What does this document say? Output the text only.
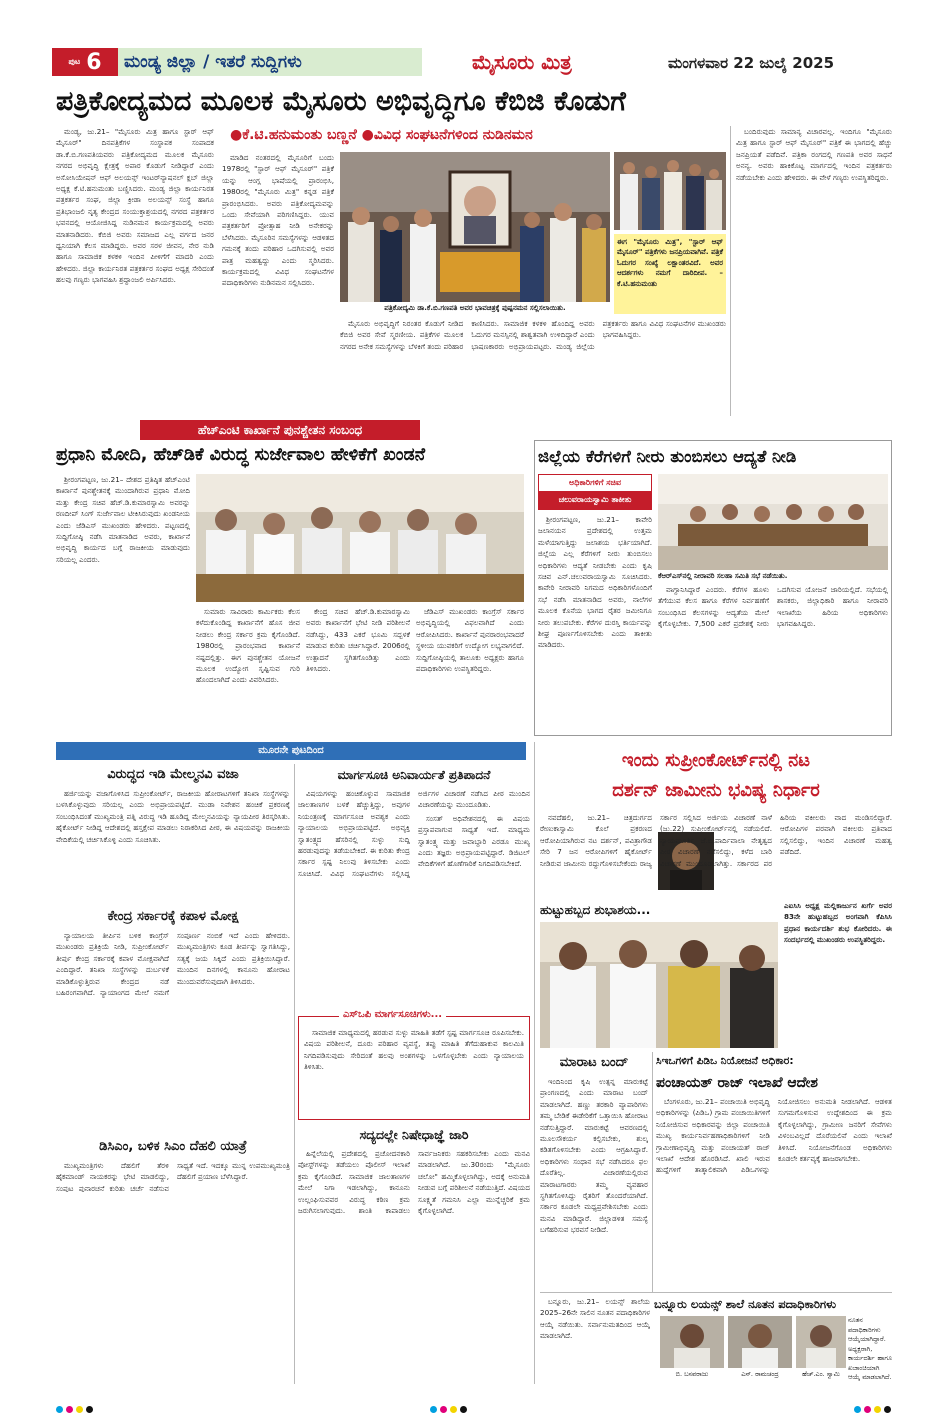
ಪುಟ 6 ಮಂಡ್ಯ ಜಿಲ್ಲಾ / ಇತರೆ ಸುದ್ದಿಗಳು	ಮೈಸೂರು ಮಿತ್ರ	ಮಂಗಳವಾರ 22 ಜುಲೈ 2025
ಪತ್ರಿಕೋದ್ಯಮದ ಮೂಲಕ ಮೈಸೂರು ಅಭಿವೃದ್ಧಿಗೂ ಕೆಬಿಜಿ ಕೊಡುಗೆ
●ಕೆ.ಟಿ.ಹನುಮಂತು ಬಣ್ಣನೆ ●ವಿವಿಧ ಸಂಘಟನೆಗಳಿಂದ ನುಡಿನಮನ

ಮಂಡ್ಯ, ಜು.21– "ಮೈಸೂರು ಮಿತ್ರ ಹಾಗೂ ಸ್ಟಾರ್ ಆಫ್ ಮೈಸೂರ್" ದಿನಪತ್ರಿಕೆಗಳ ಸಂಸ್ಥಾಪಕ ಸಂಪಾದಕ ಡಾ.ಕೆ.ಬಿ.ಗಣಪತಿಯವರು ಪತ್ರಿಕೋದ್ಯಮದ ಮೂಲಕ ಮೈಸೂರು ನಗರದ ಅಭಿವೃದ್ಧಿ ಕ್ಷೇತ್ರಕ್ಕೆ ಅಪಾರ ಕೊಡುಗೆ ನೀಡಿದ್ದಾರೆ ಎಂದು ಅಸೋಸಿಯೇಷನ್ ಆಫ್ ಅಲಯನ್ಸ್ ಇಂಟರ್‌ನ್ಯಾಷನಲ್ ಕ್ಲಬ್ ಜಿಲ್ಲಾ ಅಧ್ಯಕ್ಷ ಕೆ.ಟಿ.ಹನುಮಂತು ಬಣ್ಣಿಸಿದರು. ಮಂಡ್ಯ ಜಿಲ್ಲಾ ಕಾರ್ಯನಿರತ ಪತ್ರಕರ್ತರ ಸಂಘ, ಜಿಲ್ಲಾ ಕ್ರೀಡಾ ಅಲಯನ್ಸ್ ಸಂಸ್ಥೆ ಹಾಗೂ ಪ್ರತಿಭಾಂಜಲಿ ನೃತ್ಯ ಕೇಂದ್ರದ ಸಂಯುಕ್ತಾಶ್ರಯದಲ್ಲಿ ನಗರದ ಪತ್ರಕರ್ತರ ಭವನದಲ್ಲಿ ಆಯೋಜಿಸಿದ್ದ ನುಡಿನಮನ ಕಾರ್ಯಕ್ರಮದಲ್ಲಿ ಅವರು ಮಾತನಾಡಿದರು. ಕೆಬಿಜಿ ಅವರು ಸಮಾಜದ ಎಲ್ಲ ವರ್ಗದ ಜನರ ಧ್ವನಿಯಾಗಿ ಕೆಲಸ ಮಾಡಿದ್ದರು. ಅವರ ಸರಳ ಜೀವನ, ನೇರ ನುಡಿ ಹಾಗೂ ಸಾಮಾಜಿಕ ಕಳಕಳಿ ಇಂದಿನ ಪೀಳಿಗೆಗೆ ಮಾದರಿ ಎಂದು ಹೇಳಿದರು. ಜಿಲ್ಲಾ ಕಾರ್ಯನಿರತ ಪತ್ರಕರ್ತರ ಸಂಘದ ಅಧ್ಯಕ್ಷ ಸೇರಿದಂತೆ ಹಲವು ಗಣ್ಯರು ಭಾಗವಹಿಸಿ ಶ್ರದ್ಧಾಂಜಲಿ ಅರ್ಪಿಸಿದರು.

ಮಾಡಿದ ನಂತರದಲ್ಲಿ ಮೈಸೂರಿಗೆ ಬಂದು 1978ರಲ್ಲಿ "ಸ್ಟಾರ್ ಆಫ್ ಮೈಸೂರ್" ಪತ್ರಿಕೆ ಯನ್ನು ಆಂಗ್ಲ ಭಾಷೆಯಲ್ಲಿ ಪ್ರಾರಂಭಿಸಿ, 1980ರಲ್ಲಿ "ಮೈಸೂರು ಮಿತ್ರ" ಕನ್ನಡ ಪತ್ರಿಕೆ ಪ್ರಾರಂಭಿಸಿದರು. ಅವರು ಪತ್ರಿಕೋದ್ಯಮವನ್ನು ಒಂದು ಸೇವೆಯಾಗಿ ಪರಿಗಣಿಸಿದ್ದರು. ಯುವ ಪತ್ರಕರ್ತರಿಗೆ ಪ್ರೋತ್ಸಾಹ ನೀಡಿ ಅನೇಕರನ್ನು ಬೆಳೆಸಿದರು. ಮೈಸೂರಿನ ಸಮಸ್ಯೆಗಳನ್ನು ಆಡಳಿತದ ಗಮನಕ್ಕೆ ತಂದು ಪರಿಹಾರ ಒದಗಿಸುವಲ್ಲಿ ಅವರ ಪಾತ್ರ ಮಹತ್ವದ್ದು ಎಂದು ಸ್ಮರಿಸಿದರು. ಕಾರ್ಯಕ್ರಮದಲ್ಲಿ ವಿವಿಧ ಸಂಘಟನೆಗಳ ಪದಾಧಿಕಾರಿಗಳು ನುಡಿನಮನ ಸಲ್ಲಿಸಿದರು.

ಪತ್ರಿಕೋದ್ಯಮಿ ಡಾ.ಕೆ.ಬಿ.ಗಣಪತಿ ಅವರ ಭಾವಚಿತ್ರಕ್ಕೆ ಪುಷ್ಪನಮನ ಸಲ್ಲಿಸಲಾಯಿತು.
ಈಗ "ಮೈಸೂರು ಮಿತ್ರ", "ಸ್ಟಾರ್ ಆಫ್ ಮೈಸೂರ್" ಪತ್ರಿಕೆಗಳು ಜನಪ್ರಿಯವಾಗಿವೆ. ಪತ್ರಿಕೆ ಓದುಗರ ಸಂಖ್ಯೆ ಲಕ್ಷಾಂತರವಿದೆ. ಅವರ ಆದರ್ಶಗಳು ನಮಗೆ ದಾರಿದೀಪ. –ಕೆ.ಟಿ.ಹನುಮಂತು

ಬಂದಿರುವುದು ಸಾಮಾನ್ಯ ವಿಚಾರವಲ್ಲ. ಇಂದಿಗೂ "ಮೈಸೂರು ಮಿತ್ರ ಹಾಗೂ ಸ್ಟಾರ್ ಆಫ್ ಮೈಸೂರ್" ಪತ್ರಿಕೆ ಈ ಭಾಗದಲ್ಲಿ ಹೆಚ್ಚು ಜನಪ್ರಿಯತೆ ಪಡೆದಿವೆ. ಪತ್ರಿಕಾ ರಂಗದಲ್ಲಿ ಗಣಪತಿ ಅವರ ಸಾಧನೆ ಅನನ್ಯ. ಅವರು ಹಾಕಿಕೊಟ್ಟ ಮಾರ್ಗದಲ್ಲಿ ಇಂದಿನ ಪತ್ರಕರ್ತರು ನಡೆಯಬೇಕು ಎಂದು ಹೇಳಿದರು. ಈ ವೇಳೆ ಗಣ್ಯರು ಉಪಸ್ಥಿತರಿದ್ದರು.

ಮೈಸೂರು ಅಭಿವೃದ್ಧಿಗೆ ನಿರಂತರ ಕೊಡುಗೆ ನೀಡಿದ ಕೆಬಿಜಿ ಅವರ ಸೇವೆ ಸ್ಮರಣೀಯ. ಪತ್ರಿಕೆಗಳ ಮೂಲಕ ನಗರದ ಅನೇಕ ಸಮಸ್ಯೆಗಳನ್ನು ಬೆಳಕಿಗೆ ತಂದು ಪರಿಹಾರ ಕಾಣಿಸಿದರು. ಸಾಮಾಜಿಕ ಕಳಕಳಿ ಹೊಂದಿದ್ದ ಅವರು ಓದುಗರ ಮನಸ್ಸಿನಲ್ಲಿ ಶಾಶ್ವತವಾಗಿ ಉಳಿದಿದ್ದಾರೆ ಎಂದು ಭಾಷಣಕಾರರು ಅಭಿಪ್ರಾಯಪಟ್ಟರು. ಮಂಡ್ಯ ಜಿಲ್ಲೆಯ ಪತ್ರಕರ್ತರು ಹಾಗೂ ವಿವಿಧ ಸಂಘಟನೆಗಳ ಮುಖಂಡರು ಭಾಗವಹಿಸಿದ್ದರು.

ಹೆಚ್‌ಎಂಟಿ ಕಾರ್ಖಾನೆ ಪುನಶ್ಚೇತನ ಸಂಬಂಧ
ಪ್ರಧಾನಿ ಮೋದಿ, ಹೆಚ್‌ಡಿಕೆ ವಿರುದ್ಧ ಸುರ್ಜೇವಾಲ ಹೇಳಿಕೆಗೆ ಖಂಡನೆ

ಶ್ರೀರಂಗಪಟ್ಟಣ, ಜು.21– ದೇಶದ ಪ್ರತಿಷ್ಠಿತ ಹೆಚ್‌ಎಂಟಿ ಕಾರ್ಖಾನೆ ಪುನಶ್ಚೇತನಕ್ಕೆ ಮುಂದಾಗಿರುವ ಪ್ರಧಾನಿ ಮೋದಿ ಮತ್ತು ಕೇಂದ್ರ ಸಚಿವ ಹೆಚ್.ಡಿ.ಕುಮಾರಸ್ವಾಮಿ ಅವರನ್ನು ರಣದೀಪ್ ಸಿಂಗ್ ಸುರ್ಜೇವಾಲ ಟೀಕಿಸಿರುವುದು ಖಂಡನೀಯ ಎಂದು ಜೆಡಿಎಸ್ ಮುಖಂಡರು ಹೇಳಿದರು. ಪಟ್ಟಣದಲ್ಲಿ ಸುದ್ದಿಗೋಷ್ಠಿ ನಡೆಸಿ ಮಾತನಾಡಿದ ಅವರು, ಕಾರ್ಖಾನೆ ಅಭಿವೃದ್ಧಿ ಕಾರ್ಯದ ಬಗ್ಗೆ ರಾಜಕೀಯ ಮಾಡುವುದು ಸರಿಯಲ್ಲ ಎಂದರು.

ಸುಮಾರು ಸಾವಿರಾರು ಕಾರ್ಮಿಕರು ಕೆಲಸ ಕಳೆದುಕೊಂಡಿದ್ದ ಕಾರ್ಖಾನೆಗೆ ಹೊಸ ಜೀವ ನೀಡಲು ಕೇಂದ್ರ ಸರ್ಕಾರ ಕ್ರಮ ಕೈಗೊಂಡಿದೆ. 1980ರಲ್ಲಿ ಪ್ರಾರಂಭವಾದ ಕಾರ್ಖಾನೆ ನಷ್ಟದಲ್ಲಿತ್ತು. ಈಗ ಪುನಶ್ಚೇತನ ಯೋಜನೆ ಮೂಲಕ ಉದ್ಯೋಗ ಸೃಷ್ಟಿಸುವ ಗುರಿ ಹೊಂದಲಾಗಿದೆ ಎಂದು ವಿವರಿಸಿದರು.

ಕೇಂದ್ರ ಸಚಿವ ಹೆಚ್.ಡಿ.ಕುಮಾರಸ್ವಾಮಿ ಅವರು ಕಾರ್ಖಾನೆಗೆ ಭೇಟಿ ನೀಡಿ ಪರಿಶೀಲನೆ ನಡೆಸಿದ್ದು, 433 ಎಕರೆ ಭೂಮಿ ಸದ್ಬಳಕೆ ಮಾಡುವ ಕುರಿತು ಚರ್ಚಿಸಿದ್ದಾರೆ. 2006ರಲ್ಲಿ ಉತ್ಪಾದನೆ ಸ್ಥಗಿತಗೊಂಡಿತ್ತು ಎಂದು ತಿಳಿಸಿದರು.

ಜೆಡಿಎಸ್ ಮುಖಂಡರು ಕಾಂಗ್ರೆಸ್ ಸರ್ಕಾರ ಅಭಿವೃದ್ಧಿಯಲ್ಲಿ ವಿಫಲವಾಗಿದೆ ಎಂದು ಆರೋಪಿಸಿದರು. ಕಾರ್ಖಾನೆ ಪುನರಾರಂಭವಾದರೆ ಸ್ಥಳೀಯ ಯುವಕರಿಗೆ ಉದ್ಯೋಗ ಲಭ್ಯವಾಗಲಿದೆ. ಸುದ್ದಿಗೋಷ್ಠಿಯಲ್ಲಿ ತಾಲೂಕು ಅಧ್ಯಕ್ಷರು ಹಾಗೂ ಪದಾಧಿಕಾರಿಗಳು ಉಪಸ್ಥಿತರಿದ್ದರು.

ಜಿಲ್ಲೆಯ ಕೆರೆಗಳಿಗೆ ನೀರು ತುಂಬಿಸಲು ಆದ್ಯತೆ ನೀಡಿ
ಅಧಿಕಾರಿಗಳಿಗೆ ಸಚಿವ
ಚಲುವರಾಯಸ್ವಾಮಿ ತಾಕೀತು

ಶ್ರೀರಂಗಪಟ್ಟಣ, ಜು.21– ಕಾವೇರಿ ಜಲಾನಯನ ಪ್ರದೇಶದಲ್ಲಿ ಉತ್ತಮ ಮಳೆಯಾಗುತ್ತಿದ್ದು ಜಲಾಶಯ ಭರ್ತಿಯಾಗಿದೆ. ಜಿಲ್ಲೆಯ ಎಲ್ಲ ಕೆರೆಗಳಿಗೆ ನೀರು ತುಂಬಿಸಲು ಅಧಿಕಾರಿಗಳು ಆದ್ಯತೆ ನೀಡಬೇಕು ಎಂದು ಕೃಷಿ ಸಚಿವ ಎನ್.ಚಲುವರಾಯಸ್ವಾಮಿ ಸೂಚಿಸಿದರು. ಕಾವೇರಿ ನೀರಾವರಿ ನಿಗಮದ ಅಧಿಕಾರಿಗಳೊಂದಿಗೆ ಸಭೆ ನಡೆಸಿ ಮಾತನಾಡಿದ ಅವರು, ನಾಲೆಗಳ ಮೂಲಕ ಕೊನೆಯ ಭಾಗದ ರೈತರ ಜಮೀನಿಗೂ ನೀರು ತಲುಪಬೇಕು. ಕೆರೆಗಳ ದುರಸ್ತಿ ಕಾರ್ಯವನ್ನು ಶೀಘ್ರ ಪೂರ್ಣಗೊಳಿಸಬೇಕು ಎಂದು ತಾಕೀತು ಮಾಡಿದರು.

ಕೆಆರ್‌ಎಸ್‌ನಲ್ಲಿ ನೀರಾವರಿ ಸಲಹಾ ಸಮಿತಿ ಸಭೆ ನಡೆಯಿತು.

ವಾಗ್ದಾನಿಸಿದ್ದಾರೆ ಎಂದರು. ಕೆರೆಗಳ ಹೂಳು ತೆಗೆಯುವ ಕೆಲಸ ಹಾಗೂ ಕೆರೆಗಳ ನಿರ್ವಹಣೆಗೆ ಸಂಬಂಧಿಸಿದ ಕೆಲಸಗಳನ್ನು ಆದ್ಯತೆಯ ಮೇಲೆ ಕೈಗೊಳ್ಳಬೇಕು. 7,500 ಎಕರೆ ಪ್ರದೇಶಕ್ಕೆ ನೀರು ಒದಗಿಸುವ ಯೋಜನೆ ಜಾರಿಯಲ್ಲಿದೆ. ಸಭೆಯಲ್ಲಿ ಶಾಸಕರು, ಜಿಲ್ಲಾಧಿಕಾರಿ ಹಾಗೂ ನೀರಾವರಿ ಇಲಾಖೆಯ ಹಿರಿಯ ಅಧಿಕಾರಿಗಳು ಭಾಗವಹಿಸಿದ್ದರು.

ಮೂರನೇ ಪುಟದಿಂದ
ವಿರುದ್ಧದ ಇಡಿ ಮೇಲ್ಮನವಿ ವಜಾ

ಹರ್ಜಿಯನ್ನು ವಜಾಗೊಳಿಸಿದ ಸುಪ್ರೀಂಕೋರ್ಟ್, ರಾಜಕೀಯ ಹೋರಾಟಗಳಿಗೆ ತನಿಖಾ ಸಂಸ್ಥೆಗಳನ್ನು ಬಳಸಿಕೊಳ್ಳುವುದು ಸರಿಯಲ್ಲ ಎಂದು ಅಭಿಪ್ರಾಯಪಟ್ಟಿದೆ. ಮುಡಾ ನಿವೇಶನ ಹಂಚಿಕೆ ಪ್ರಕರಣಕ್ಕೆ ಸಂಬಂಧಿಸಿದಂತೆ ಮುಖ್ಯಮಂತ್ರಿ ಪತ್ನಿ ವಿರುದ್ಧ ಇಡಿ ಹೂಡಿದ್ದ ಮೇಲ್ಮನವಿಯನ್ನು ನ್ಯಾಯಪೀಠ ತಿರಸ್ಕರಿಸಿತು. ಹೈಕೋರ್ಟ್ ನೀಡಿದ್ದ ಆದೇಶದಲ್ಲಿ ಹಸ್ತಕ್ಷೇಪ ಮಾಡಲು ನಿರಾಕರಿಸಿದ ಪೀಠ, ಈ ವಿಷಯವನ್ನು ರಾಜಕೀಯ ವೇದಿಕೆಯಲ್ಲಿ ಚರ್ಚಿಸಿಕೊಳ್ಳಿ ಎಂದು ಸೂಚಿಸಿತು.

ಕೇಂದ್ರ ಸರ್ಕಾರಕ್ಕೆ ಕಪಾಳ ಮೋಕ್ಷ

ನ್ಯಾಯಾಲಯ ತೀರ್ಪಿನ ಬಳಿಕ ಕಾಂಗ್ರೆಸ್ ಮುಖಂಡರು ಪ್ರತಿಕ್ರಿಯೆ ನೀಡಿ, ಸುಪ್ರೀಂಕೋರ್ಟ್ ತೀರ್ಪು ಕೇಂದ್ರ ಸರ್ಕಾರಕ್ಕೆ ಕಪಾಳ ಮೋಕ್ಷವಾಗಿದೆ ಎಂದಿದ್ದಾರೆ. ತನಿಖಾ ಸಂಸ್ಥೆಗಳನ್ನು ದುರ್ಬಳಕೆ ಮಾಡಿಕೊಳ್ಳುತ್ತಿರುವ ಕೇಂದ್ರದ ನಡೆ ಬಹಿರಂಗವಾಗಿದೆ. ನ್ಯಾಯಾಂಗದ ಮೇಲೆ ನಮಗೆ ಸಂಪೂರ್ಣ ನಂಬಿಕೆ ಇದೆ ಎಂದು ಹೇಳಿದರು. ಮುಖ್ಯಮಂತ್ರಿಗಳು ಕೂಡ ತೀರ್ಪನ್ನು ಸ್ವಾಗತಿಸಿದ್ದು, ಸತ್ಯಕ್ಕೆ ಜಯ ಸಿಕ್ಕಿದೆ ಎಂದು ಪ್ರತಿಕ್ರಿಯಿಸಿದ್ದಾರೆ. ಮುಂದಿನ ದಿನಗಳಲ್ಲಿ ಕಾನೂನು ಹೋರಾಟ ಮುಂದುವರೆಸುವುದಾಗಿ ತಿಳಿಸಿದರು.

ಡಿಸಿಎಂ, ಬಳಿಕ ಸಿಎಂ ದೆಹಲಿ ಯಾತ್ರೆ

ಮುಖ್ಯಮಂತ್ರಿಗಳು ದೆಹಲಿಗೆ ತೆರಳಿ ಹೈಕಮಾಂಡ್ ನಾಯಕರನ್ನು ಭೇಟಿ ಮಾಡಲಿದ್ದು, ಸಂಪುಟ ಪುನಾರಚನೆ ಕುರಿತು ಚರ್ಚೆ ನಡೆಸುವ ಸಾಧ್ಯತೆ ಇದೆ. ಇದಕ್ಕೂ ಮುನ್ನ ಉಪಮುಖ್ಯಮಂತ್ರಿ ದೆಹಲಿಗೆ ಪ್ರಯಾಣ ಬೆಳೆಸಿದ್ದಾರೆ.

ಮಾರ್ಗಸೂಚಿ ಅನಿವಾರ್ಯತೆ ಪ್ರತಿಪಾದನೆ

ವಿಷಯಗಳನ್ನು ಹಂಚಿಕೊಳ್ಳುವ ಸಾಮಾಜಿಕ ಜಾಲತಾಣಗಳ ಬಳಕೆ ಹೆಚ್ಚುತ್ತಿದ್ದು, ಅವುಗಳ ನಿಯಂತ್ರಣಕ್ಕೆ ಮಾರ್ಗಸೂಚಿ ಅವಶ್ಯಕ ಎಂದು ನ್ಯಾಯಾಲಯ ಅಭಿಪ್ರಾಯಪಟ್ಟಿದೆ. ಅಭಿವ್ಯಕ್ತಿ ಸ್ವಾತಂತ್ರ್ಯದ ಹೆಸರಿನಲ್ಲಿ ಸುಳ್ಳು ಸುದ್ದಿ ಹರಡುವುದನ್ನು ತಡೆಯಬೇಕಿದೆ. ಈ ಕುರಿತು ಕೇಂದ್ರ ಸರ್ಕಾರ ಸ್ಪಷ್ಟ ನಿಲುವು ತಿಳಿಸಬೇಕು ಎಂದು ಸೂಚಿಸಿದೆ. ವಿವಿಧ ಸಂಘಟನೆಗಳು ಸಲ್ಲಿಸಿದ್ದ ಅರ್ಜಿಗಳ ವಿಚಾರಣೆ ನಡೆಸಿದ ಪೀಠ ಮುಂದಿನ ವಿಚಾರಣೆಯನ್ನು ಮುಂದೂಡಿತು.

ಸಂಸತ್ ಅಧಿವೇಶನದಲ್ಲಿ ಈ ವಿಷಯ ಪ್ರಸ್ತಾಪವಾಗುವ ಸಾಧ್ಯತೆ ಇದೆ. ಮಾಧ್ಯಮ ಸ್ವಾತಂತ್ರ್ಯ ಮತ್ತು ಜವಾಬ್ದಾರಿ ಎರಡೂ ಮುಖ್ಯ ಎಂದು ತಜ್ಞರು ಅಭಿಪ್ರಾಯಪಟ್ಟಿದ್ದಾರೆ. ಡಿಜಿಟಲ್ ವೇದಿಕೆಗಳಿಗೆ ಹೊಣೆಗಾರಿಕೆ ನಿಗದಿಪಡಿಸಬೇಕಿದೆ.

ಎಸ್‌ಒಪಿ ಮಾರ್ಗಸೂಚಿಗಳು...

ಸಾಮಾಜಿಕ ಮಾಧ್ಯಮದಲ್ಲಿ ಹರಡುವ ಸುಳ್ಳು ಮಾಹಿತಿ ತಡೆಗೆ ಸ್ಪಷ್ಟ ಮಾರ್ಗಸೂಚಿ ರೂಪಿಸಬೇಕು. ವಿಷಯ ಪರಿಶೀಲನೆ, ದೂರು ಪರಿಹಾರ ವ್ಯವಸ್ಥೆ, ತಪ್ಪು ಮಾಹಿತಿ ತೆಗೆದುಹಾಕುವ ಕಾಲಮಿತಿ ನಿಗದಿಪಡಿಸುವುದು ಸೇರಿದಂತೆ ಹಲವು ಅಂಶಗಳನ್ನು ಒಳಗೊಳ್ಳಬೇಕು ಎಂದು ನ್ಯಾಯಾಲಯ ತಿಳಿಸಿತು.

ಸದ್ಯದಲ್ಲೇ ನಿಷೇಧಾಜ್ಞೆ ಜಾರಿ

ಹಿನ್ನೆಲೆಯಲ್ಲಿ ಪ್ರದೇಶದಲ್ಲಿ ಪ್ರಚೋದನಕಾರಿ ಪೋಸ್ಟ್‌ಗಳನ್ನು ತಡೆಯಲು ಪೊಲೀಸ್ ಇಲಾಖೆ ಕ್ರಮ ಕೈಗೊಂಡಿದೆ. ಸಾಮಾಜಿಕ ಜಾಲತಾಣಗಳ ಮೇಲೆ ನಿಗಾ ಇಡಲಾಗಿದ್ದು, ಕಾನೂನು ಉಲ್ಲಂಘಿಸುವವರ ವಿರುದ್ಧ ಕಠಿಣ ಕ್ರಮ ಜರುಗಿಸಲಾಗುವುದು. ಶಾಂತಿ ಕಾಪಾಡಲು ಸಾರ್ವಜನಿಕರು ಸಹಕರಿಸಬೇಕು ಎಂದು ಮನವಿ ಮಾಡಲಾಗಿದೆ. ಜು.30ರಂದು "ಮೈಸೂರು ಚಲೋ" ಹಮ್ಮಿಕೊಳ್ಳಲಾಗಿದ್ದು, ಅದಕ್ಕೆ ಅನುಮತಿ ನೀಡುವ ಬಗ್ಗೆ ಪರಿಶೀಲನೆ ನಡೆಯುತ್ತಿದೆ. ವಿಷಯದ ಸೂಕ್ಷ್ಮತೆ ಗಮನಿಸಿ ಎಲ್ಲಾ ಮುನ್ನೆಚ್ಚರಿಕೆ ಕ್ರಮ ಕೈಗೊಳ್ಳಲಾಗಿದೆ.

ಇಂದು ಸುಪ್ರೀಂಕೋರ್ಟ್‌ನಲ್ಲಿ ನಟ
ದರ್ಶನ್ ಜಾಮೀನು ಭವಿಷ್ಯ ನಿರ್ಧಾರ

ನವದೆಹಲಿ, ಜು.21– ಚಿತ್ರದುರ್ಗದ ರೇಣುಕಾಸ್ವಾಮಿ ಕೊಲೆ ಪ್ರಕರಣದ ಆರೋಪಿಯಾಗಿರುವ ನಟ ದರ್ಶನ್, ಪವಿತ್ರಾಗೌಡ ಸೇರಿ 7 ಜನ ಆರೋಪಿಗಳಿಗೆ ಹೈಕೋರ್ಟ್ ನೀಡಿರುವ ಜಾಮೀನು ರದ್ದುಗೊಳಿಸಬೇಕೆಂದು ರಾಜ್ಯ ಸರ್ಕಾರ ಸಲ್ಲಿಸಿದ ಅರ್ಜಿಯ ವಿಚಾರಣೆ ನಾಳೆ (ಜು.22) ಸುಪ್ರೀಂಕೋರ್ಟ್‌ನಲ್ಲಿ ನಡೆಯಲಿದೆ. ನ್ಯಾಯಮೂರ್ತಿ ಜೆ.ಬಿ.ಪಾರ್ದಿವಾಲಾ ನೇತೃತ್ವದ ಪೀಠ ವಿಚಾರಣೆ ನಡೆಸಲಿದ್ದು, ಕಳೆದ ಬಾರಿ ವಿಚಾರಣೆ ಮುಂದೂಡಲಾಗಿತ್ತು. ಸರ್ಕಾರದ ಪರ ಹಿರಿಯ ವಕೀಲರು ವಾದ ಮಂಡಿಸಲಿದ್ದಾರೆ. ಆರೋಪಿಗಳ ಪರವಾಗಿ ವಕೀಲರು ಪ್ರತಿವಾದ ಸಲ್ಲಿಸಲಿದ್ದು, ಇಂದಿನ ವಿಚಾರಣೆ ಮಹತ್ವ ಪಡೆದಿದೆ.

ಹುಟ್ಟುಹಬ್ಬದ ಶುಭಾಶಯ...	ಎಐಸಿಸಿ ಅಧ್ಯಕ್ಷ ಮಲ್ಲಿಕಾರ್ಜುನ ಖರ್ಗೆ ಅವರ 83ನೇ ಹುಟ್ಟುಹಬ್ಬದ ಅಂಗವಾಗಿ ಕೆಪಿಸಿಸಿ ಪ್ರಧಾನ ಕಾರ್ಯದರ್ಶಿ ಶುಭ ಕೋರಿದರು. ಈ ಸಂದರ್ಭದಲ್ಲಿ ಮುಖಂಡರು ಉಪಸ್ಥಿತರಿದ್ದರು.
ಮಾರಾಟ ಬಂದ್

ಇಂದಿನಿಂದ ಕೃಷಿ ಉತ್ಪನ್ನ ಮಾರುಕಟ್ಟೆ ಪ್ರಾಂಗಣದಲ್ಲಿ ಎಂದು ಮಾರಾಟ ಬಂದ್ ಮಾಡಲಾಗಿದೆ. ಹಣ್ಣು ತರಕಾರಿ ವ್ಯಾಪಾರಿಗಳು ತಮ್ಮ ಬೇಡಿಕೆ ಈಡೇರಿಕೆಗೆ ಒತ್ತಾಯಿಸಿ ಹೋರಾಟ ನಡೆಸುತ್ತಿದ್ದಾರೆ. ಮಾರುಕಟ್ಟೆ ಆವರಣದಲ್ಲಿ ಮೂಲಸೌಕರ್ಯ ಕಲ್ಪಿಸಬೇಕು, ಶುಲ್ಕ ಕಡಿತಗೊಳಿಸಬೇಕು ಎಂದು ಆಗ್ರಹಿಸಿದ್ದಾರೆ. ಅಧಿಕಾರಿಗಳು ಸಂಧಾನ ಸಭೆ ನಡೆಸಿದರೂ ಫಲ ದೊರೆತಿಲ್ಲ. ವಿಚಾರಣೆಯಲ್ಲಿರುವ ಮಾರಾಟಗಾರರು ತಮ್ಮ ವ್ಯವಹಾರ ಸ್ಥಗಿತಗೊಳಿಸಿದ್ದು ರೈತರಿಗೆ ತೊಂದರೆಯಾಗಿದೆ. ಸರ್ಕಾರ ಕೂಡಲೇ ಮಧ್ಯಪ್ರವೇಶಿಸಬೇಕು ಎಂದು ಮನವಿ ಮಾಡಿದ್ದಾರೆ. ಜಿಲ್ಲಾಡಳಿತ ಸಮಸ್ಯೆ ಬಗೆಹರಿಸುವ ಭರವಸೆ ನೀಡಿದೆ.

ಸಿಇಒಗಳಿಗೆ ಪಿಡಿಒ ನಿಯೋಜನೆ ಅಧಿಕಾರ:
ಪಂಚಾಯತ್ ರಾಜ್ ಇಲಾಖೆ ಆದೇಶ

ಬೆಂಗಳೂರು, ಜು.21– ಪಂಚಾಯಿತಿ ಅಭಿವೃದ್ಧಿ ಅಧಿಕಾರಿಗಳನ್ನು (ಪಿಡಿಒ) ಗ್ರಾಮ ಪಂಚಾಯಿತಿಗಳಿಗೆ ನಿಯೋಜಿಸುವ ಅಧಿಕಾರವನ್ನು ಜಿಲ್ಲಾ ಪಂಚಾಯಿತಿ ಮುಖ್ಯ ಕಾರ್ಯನಿರ್ವಹಣಾಧಿಕಾರಿಗಳಿಗೆ ನೀಡಿ ಗ್ರಾಮೀಣಾಭಿವೃದ್ಧಿ ಮತ್ತು ಪಂಚಾಯತ್ ರಾಜ್ ಇಲಾಖೆ ಆದೇಶ ಹೊರಡಿಸಿದೆ. ಖಾಲಿ ಇರುವ ಹುದ್ದೆಗಳಿಗೆ ತಾತ್ಕಾಲಿಕವಾಗಿ ಪಿಡಿಒಗಳನ್ನು ನಿಯೋಜಿಸಲು ಅನುಮತಿ ನೀಡಲಾಗಿದೆ. ಆಡಳಿತ ಸುಗಮಗೊಳಿಸುವ ಉದ್ದೇಶದಿಂದ ಈ ಕ್ರಮ ಕೈಗೊಳ್ಳಲಾಗಿದ್ದು, ಗ್ರಾಮೀಣ ಜನರಿಗೆ ಸೇವೆಗಳು ವಿಳಂಬವಿಲ್ಲದೆ ದೊರೆಯಲಿವೆ ಎಂದು ಇಲಾಖೆ ತಿಳಿಸಿದೆ. ನಿಯೋಜನೆಗೊಂಡ ಅಧಿಕಾರಿಗಳು ಕೂಡಲೇ ಕರ್ತವ್ಯಕ್ಕೆ ಹಾಜರಾಗಬೇಕು.

ಬನ್ನೂರು ಲಯನ್ಸ್ ಶಾಲೆ ನೂತನ ಪದಾಧಿಕಾರಿಗಳು

ಬನ್ನೂರು, ಜು.21– ಲಯನ್ಸ್ ಶಾಲೆಯ 2025–26ನೇ ಸಾಲಿನ ನೂತನ ಪದಾಧಿಕಾರಿಗಳ ಆಯ್ಕೆ ನಡೆಯಿತು. ಸರ್ವಾನುಮತದಿಂದ ಆಯ್ಕೆ ಮಾಡಲಾಗಿದೆ.

ಬಿ. ಬಸವರಾಜು	ಎಸ್. ರಾಮಚಂದ್ರ	ಹೆಚ್.ಎಂ. ಸ್ವಾಮಿ
ನೂತನ ಪದಾಧಿಕಾರಿಗಳು ಆಯ್ಕೆಯಾಗಿದ್ದಾರೆ. ಅಧ್ಯಕ್ಷರಾಗಿ, ಕಾರ್ಯದರ್ಶಿ ಹಾಗೂ ಖಜಾಂಚಿಯಾಗಿ ಆಯ್ಕೆ ಮಾಡಲಾಗಿದೆ.
